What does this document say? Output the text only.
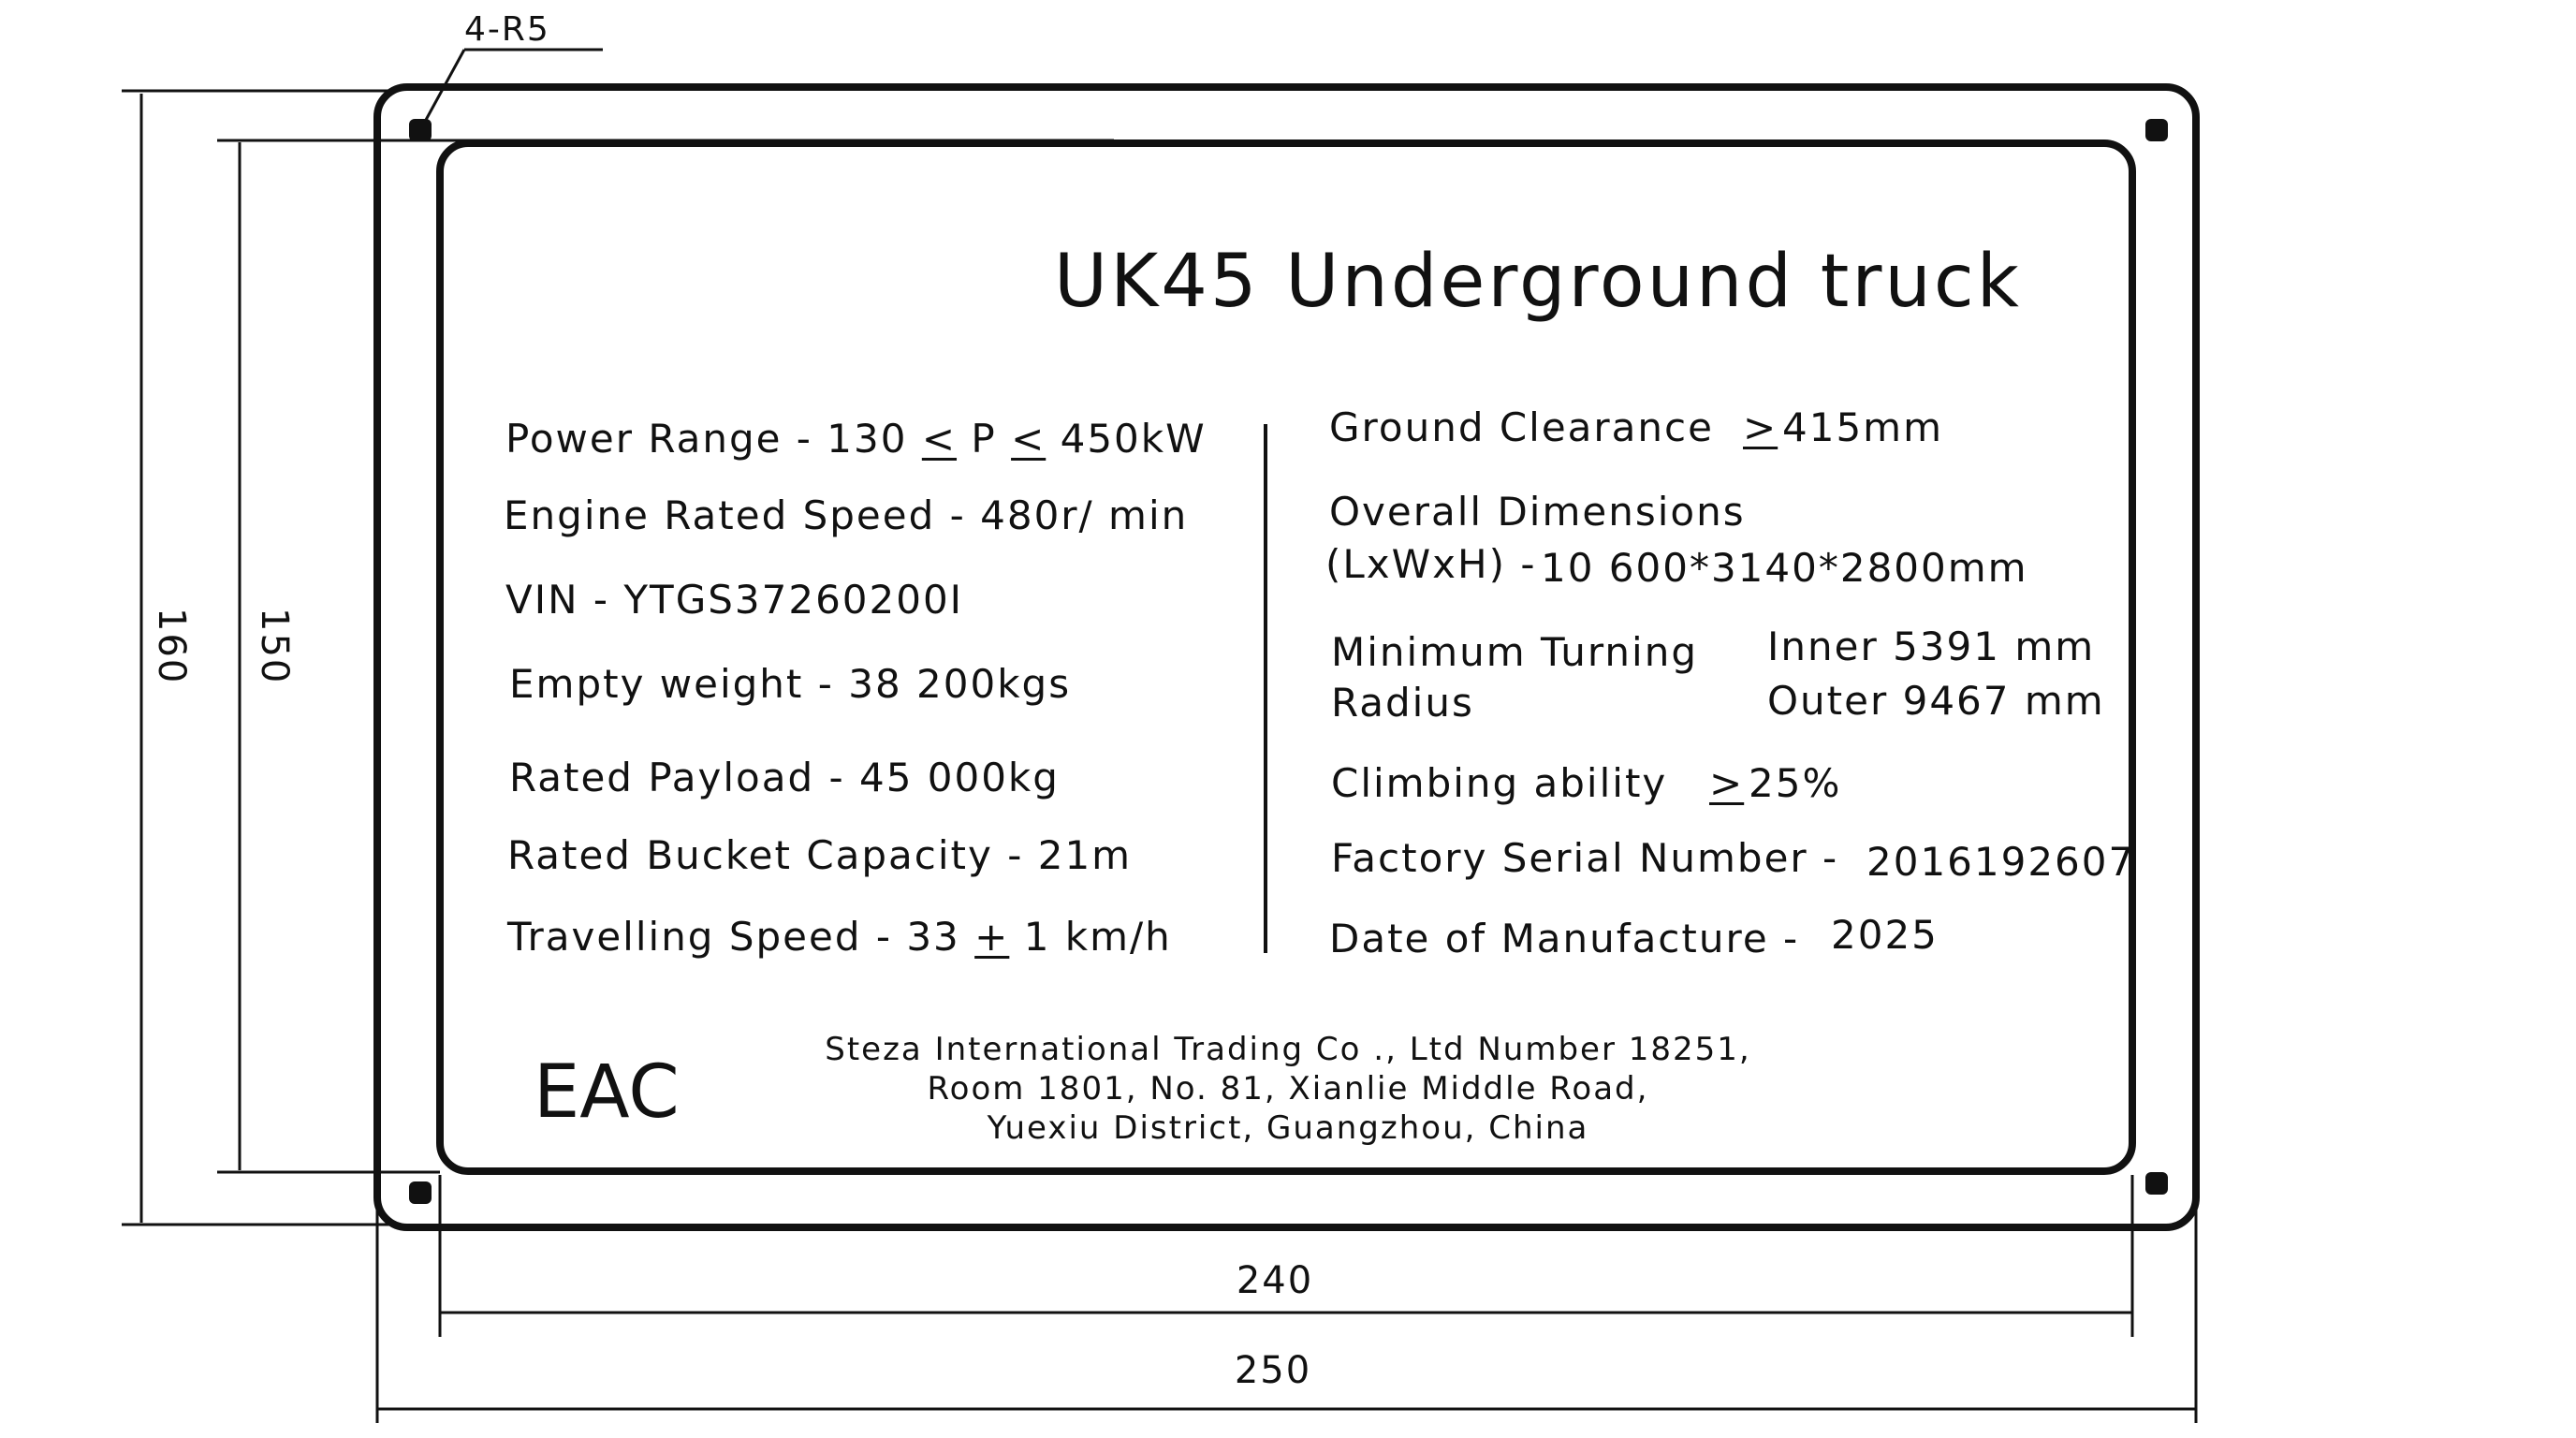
4-R5
160 150
240
250
UK45 Underground truck
Power Range - 130 ≤ P ≤ 450kW
Engine Rated Speed - 480r/ min
VIN - YTGS37260200I
Empty weight - 38 200kgs
Rated Payload - 45 000kg
Rated Bucket Capacity - 21m
Travelling Speed - 33 + 1 km/h
Ground Clearance ≥ 415mm
Overall Dimensions
(LxWxH) - 10 600*3140*2800mm
Minimum Turning
Radius
Inner 5391 mm
Outer 9467 mm
Climbing ability ≥ 25%
Factory Serial Number - 2016192607
Date of Manufacture - 2025
EAC
Steza International Trading Co ., Ltd Number 18251,
Room 1801, No. 81, Xianlie Middle Road,
Yuexiu District, Guangzhou, China
